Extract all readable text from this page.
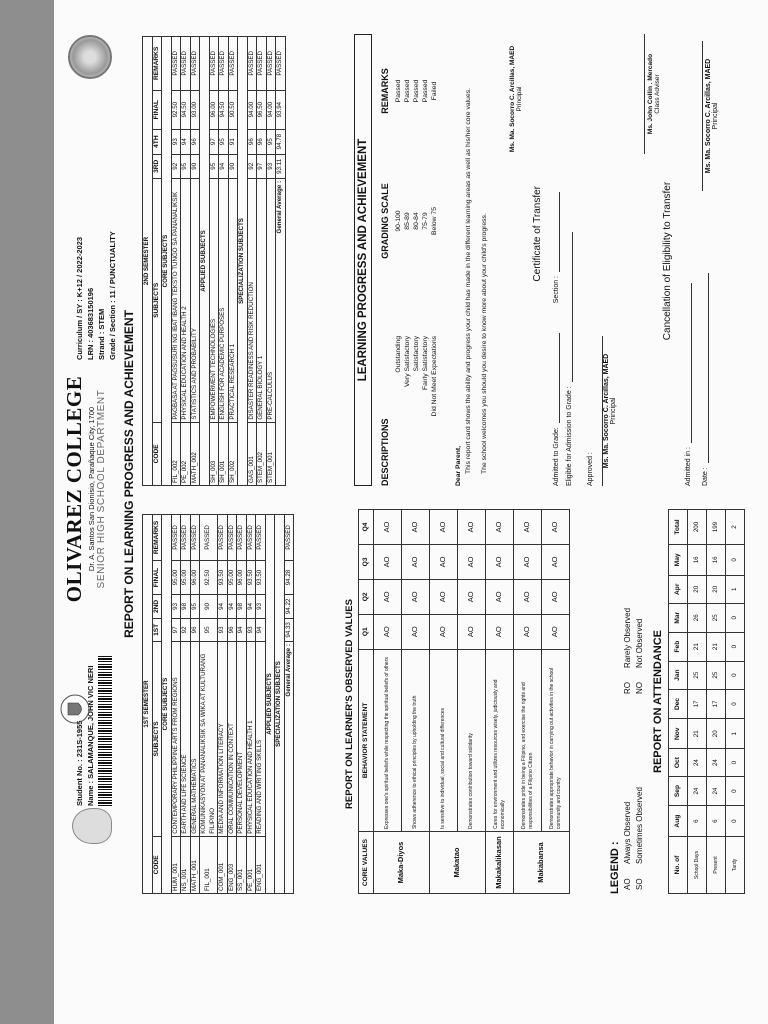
Student No. : 231S-1955 Name : SALAMANQUE, JOHN VIC NERI
OLIVAREZ COLLEGE Dr. A. Santos San Dionisio, Parañaque City, 1700 SENIOR HIGH SCHOOL DEPARTMENT
Curriculum / SY : K+12 / 2022-2023 LRN : 403683150196 Strand : STEM Grade / Section : 11 / PUNCTUALITY
REPORT ON LEARNING PROGRESS AND ACHIEVEMENT
1ST SEMESTER					
CODE	SUBJECTS	1ST	2ND	FINAL	REMARKS
CORE SUBJECTS					
HUM_001	CONTEMPORARY PHILIPPINE ARTS FROM REGIONS	97	93	95.00	PASSED
NS_001	EARTH AND LIFE SCIENCE	92	98	95.00	PASSED
MATH_001	GENERAL MATHEMATICS	96	95	96.00	PASSED
FIL_001	KOMUNIKASYON AT PANANALIKSIK SA WIKA AT KULTURANG FILIPINO	95	90	92.50	PASSED
COM_001	MEDIA AND INFORMATION LITERACY	93	94	93.50	PASSED
ENG_003	ORAL COMMUNICATION IN CONTEXT	96	94	95.00	PASSED
SS_001	PERSONAL DEVELOPMENT	94	98	96.00	PASSED
PE_001	PHYSICAL EDUCATION AND HEALTH 1	93	94	93.50	PASSED
ENG_001	READING AND WRITING SKILLS	94	93	93.50	PASSED
APPLIED SUBJECTS					
SPECIALIZATION SUBJECTS					
General Average :		94.33	94.22	94.28	PASSED
2ND SEMESTER					
CODE	SUBJECTS	3RD	4TH	FINAL	REMARKS
CORE SUBJECTS					
FIL_002	PAGBASA AT PAGSUSURI NG IBAT IBANG TEKSTO TUNGO SA PANANALIKSIK	92	93	92.50	PASSED
PE_002	PHYSICAL EDUCATION AND HEALTH 2	95	94	94.50	PASSED
MATH_002	STATISTICS AND PROBABILITY	90	96	93.00	PASSED
APPLIED SUBJECTS					
SH_003	EMPOWERMENT TECHNOLOGIES	95	97	96.00	PASSED
SH_001	ENGLISH FOR ACADEMIC PURPOSES	94	95	94.50	PASSED
SH_002	PRACTICAL RESEARCH 1	90	91	90.50	PASSED
SPECIALIZATION SUBJECTS					
GAS_001	DISASTER READINESS AND RISK REDUCTION	92	96	94.00	PASSED
STEM_002	GENERAL BIOLOGY 1	97	96	96.50	PASSED
STEM_001	PRE-CALCULUS	93	95	94.00	PASSED
General Average :		93.11	94.78	93.94	PASSED
REPORT ON LEARNER'S OBSERVED VALUES
CORE VALUES	BEHAVIOR STATEMENT	Q1	Q2	Q3	Q4
Maka-Diyos	Expresses one's spiritual beliefs while respecting the spiritual beliefs of others	AO	AO	AO	AO
	Shows adherence to ethical principles by upholding the truth	AO	AO	AO	AO
Makatao	Is sensitive to individual, social and cultural differences	AO	AO	AO	AO
	Demonstrates contribution toward solidarity	AO	AO	AO	AO
Makakalikasan	Cares for environment and utilizes resources wisely, judiciously and economically	AO	AO	AO	AO
Makabansa	Demonstrates pride in being a Filipino, and exercise the rights and responsibilities of a Filipino Citizen	AO	AO	AO	AO
	Demonstrates appropriate behavior in carrying out activities in the school community and country	AO	AO	AO	AO
LEGEND : AOAlways Observed
SOSometimes Observed
RORarely Observed
NONot Observed REPORT ON ATTENDANCE
No. of	Aug	Sep	Oct	Nov	Dec	Jan	Feb	Mar	Apr	May	Total
School Days	6	24	24	21	17	25	21	26	20	16	200
Present	6	24	24	20	17	25	21	25	20	16	199
Tardy	0	0	0	1	0	0	0	0	1	0	2
LEARNING PROGRESS AND ACHIEVEMENT
DESCRIPTIONS
GRADING SCALE
REMARKS
Outstanding
90-100
Passed
Very Satisfactory
85-89
Passed
Satisfactory
80-84
Passed
Fairly Satisfactory
75-79
Passed
Did Not Meet Expectations
Below 75
Failed
Dear Parent, This report card shows the ability and progress your child has made in the different learning areas as well as his/her core values. The school welcomes you should you desire to know more about your child's progress.
Ms. Ma. Socorro C. Arcillas, MAED Principal	Ms. John Collin . Mercado Class Adviser
Certificate of Transfer
Admitted to Grade:
Section :
Eligible for Admission to Grade : Approved :
Ms. Ma. Socorro C. Arcillas, MAED Principal
Cancellation of Eligibility to Transfer
Admitted in : Date :
Ms. Ma. Socorro C. Arcillas, MAED Principal
